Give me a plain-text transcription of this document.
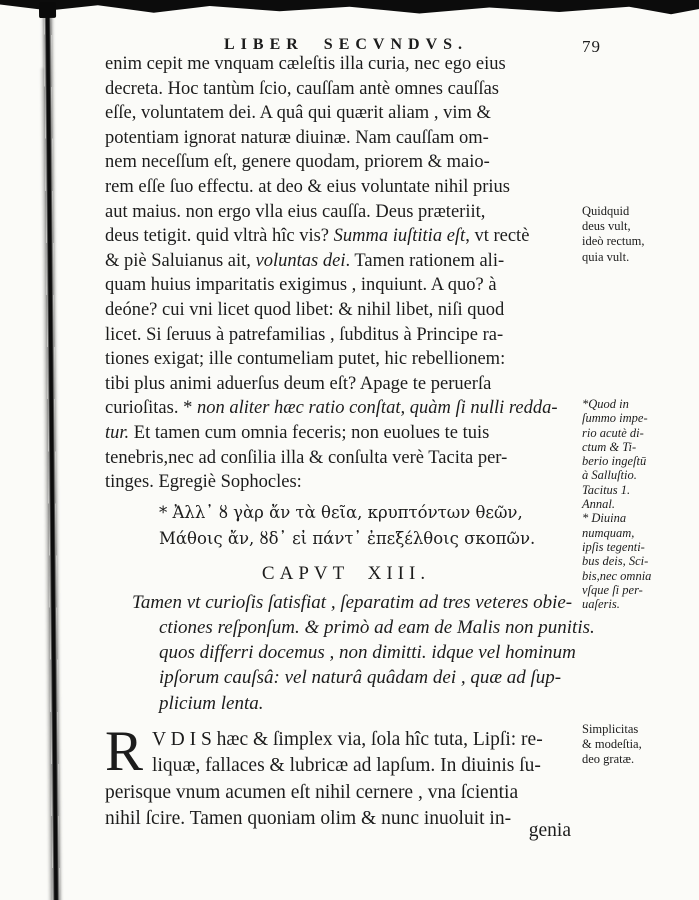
LIBER SECVNDVS.	79
enim cepit me vnquam cæleſtis illa curia, nec ego eius
decreta. Hoc tantùm ſcio, cauſſam antè omnes cauſſas
eſſe, voluntatem dei. A quâ qui quærit aliam , vim &
potentiam ignorat naturæ diuinæ. Nam cauſſam om-
nem neceſſum eſt, genere quodam, priorem & maio-
rem eſſe ſuo effectu. at deo & eius voluntate nihil prius
aut maius. non ergo vlla eius cauſſa. Deus præteriit,
deus tetigit. quid vltrà hîc vis? Summa iuſtitia eſt, vt rectè
& piè Saluianus ait, voluntas dei. Tamen rationem ali-
quam huius imparitatis exigimus , inquiunt. A quo? à
deóne? cui vni licet quod libet: & nihil libet, niſi quod
licet. Si ſeruus à patrefamilias , ſubditus à Principe ra-
tiones exigat; ille contumeliam putet, hic rebellionem:
tibi plus animi aduerſus deum eſt? Apage te peruerſa
curioſitas. * non aliter hæc ratio conſtat, quàm ſi nulli redda-
tur. Et tamen cum omnia feceris; non euolues te tuis
tenebris,nec ad conſilia illa & conſulta verè Tacita per-
tinges. Egregiè Sophocles:
* Ἀλλ᾽ ȣ γὰρ ἄν τὰ θεῖα, κρυπτόντων θεῶν,
Μάθοις ἄν, ȣδ᾽ εἰ πάντ᾽ ἐπεξέλθοις σκοπῶν.
CAPVT XIII.
Tamen vt curioſis ſatisfiat , ſeparatim ad tres veteres obie-
ctiones reſponſum. & primò ad eam de Malis non punitis.
quos differri docemus , non dimitti. idque vel hominum
ipſorum cauſsâ: vel naturâ quâdam dei , quæ ad ſup-
plicium lenta.
R V D I S hæc & ſimplex via, ſola hîc tuta, Lipſi: re-
liquæ, fallaces & lubricæ ad lapſum. In diuinis ſu-
perisque vnum acumen eſt nihil cernere , vna ſcientia
nihil ſcire. Tamen quoniam olim & nunc inuoluit in-
genia
Quidquid
deus vult,
ideò rectum,
quia vult.
*Quod in
ſummo impe-
rio acutè di-
ctum & Ti-
berio ingeſtū
à Salluſtio.
Tacitus 1.
Annal.
* Diuina
numquam,
ipſis tegenti-
bus deis, Sci-
bis,nec omnia
vſque ſi per-
uaſeris.
Simplicitas
& modeſtia,
deo gratæ.
